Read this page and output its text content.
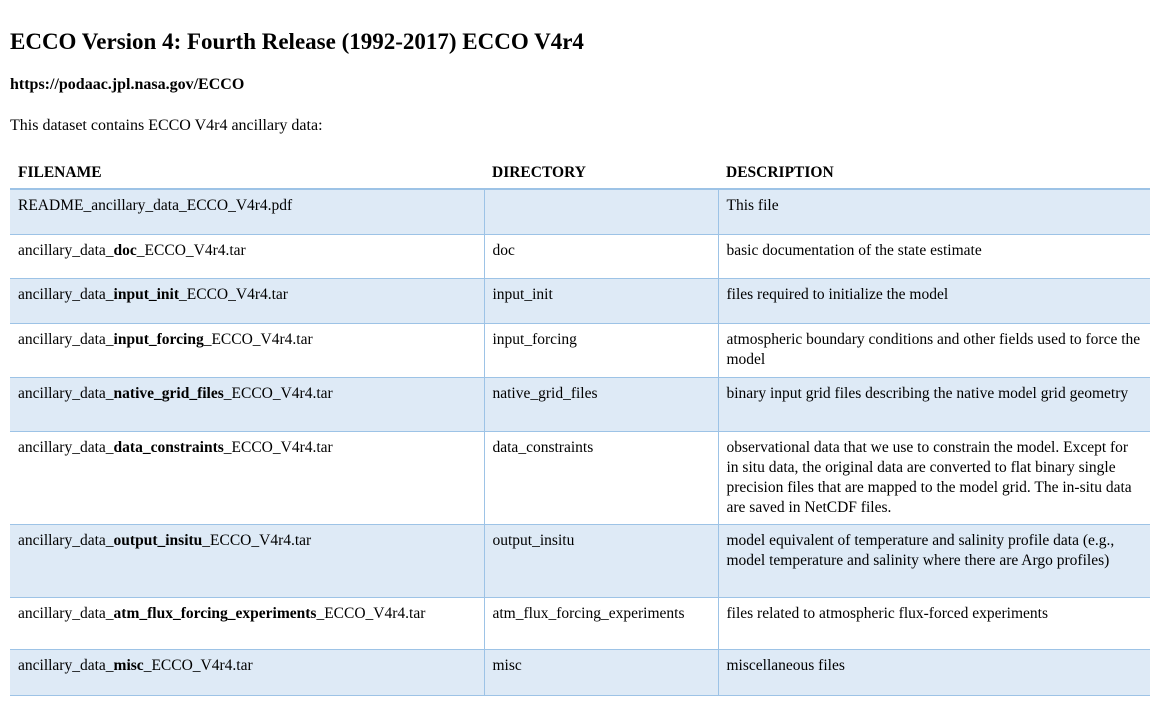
ECCO Version 4: Fourth Release (1992-2017) ECCO V4r4
https://podaac.jpl.nasa.gov/ECCO
This dataset contains ECCO V4r4 ancillary data:
FILENAME	DIRECTORY	DESCRIPTION
README_ancillary_data_ECCO_V4r4.pdf		This file
ancillary_data_doc_ECCO_V4r4.tar	doc	basic documentation of the state estimate
ancillary_data_input_init_ECCO_V4r4.tar	input_init	files required to initialize the model
ancillary_data_input_forcing_ECCO_V4r4.tar	input_forcing	atmospheric boundary conditions and other fields used to force the model
ancillary_data_native_grid_files_ECCO_V4r4.tar	native_grid_files	binary input grid files describing the native model grid geometry
ancillary_data_data_constraints_ECCO_V4r4.tar	data_constraints	observational data that we use to constrain the model. Except for in situ data, the original data are converted to flat binary single precision files that are mapped to the model grid. The in-situ data are saved in NetCDF files.
ancillary_data_output_insitu_ECCO_V4r4.tar	output_insitu	model equivalent of temperature and salinity profile data (e.g., model temperature and salinity where there are Argo profiles)
ancillary_data_atm_flux_forcing_experiments_ECCO_V4r4.tar	atm_flux_forcing_experiments	files related to atmospheric flux-forced experiments
ancillary_data_misc_ECCO_V4r4.tar	misc	miscellaneous files
